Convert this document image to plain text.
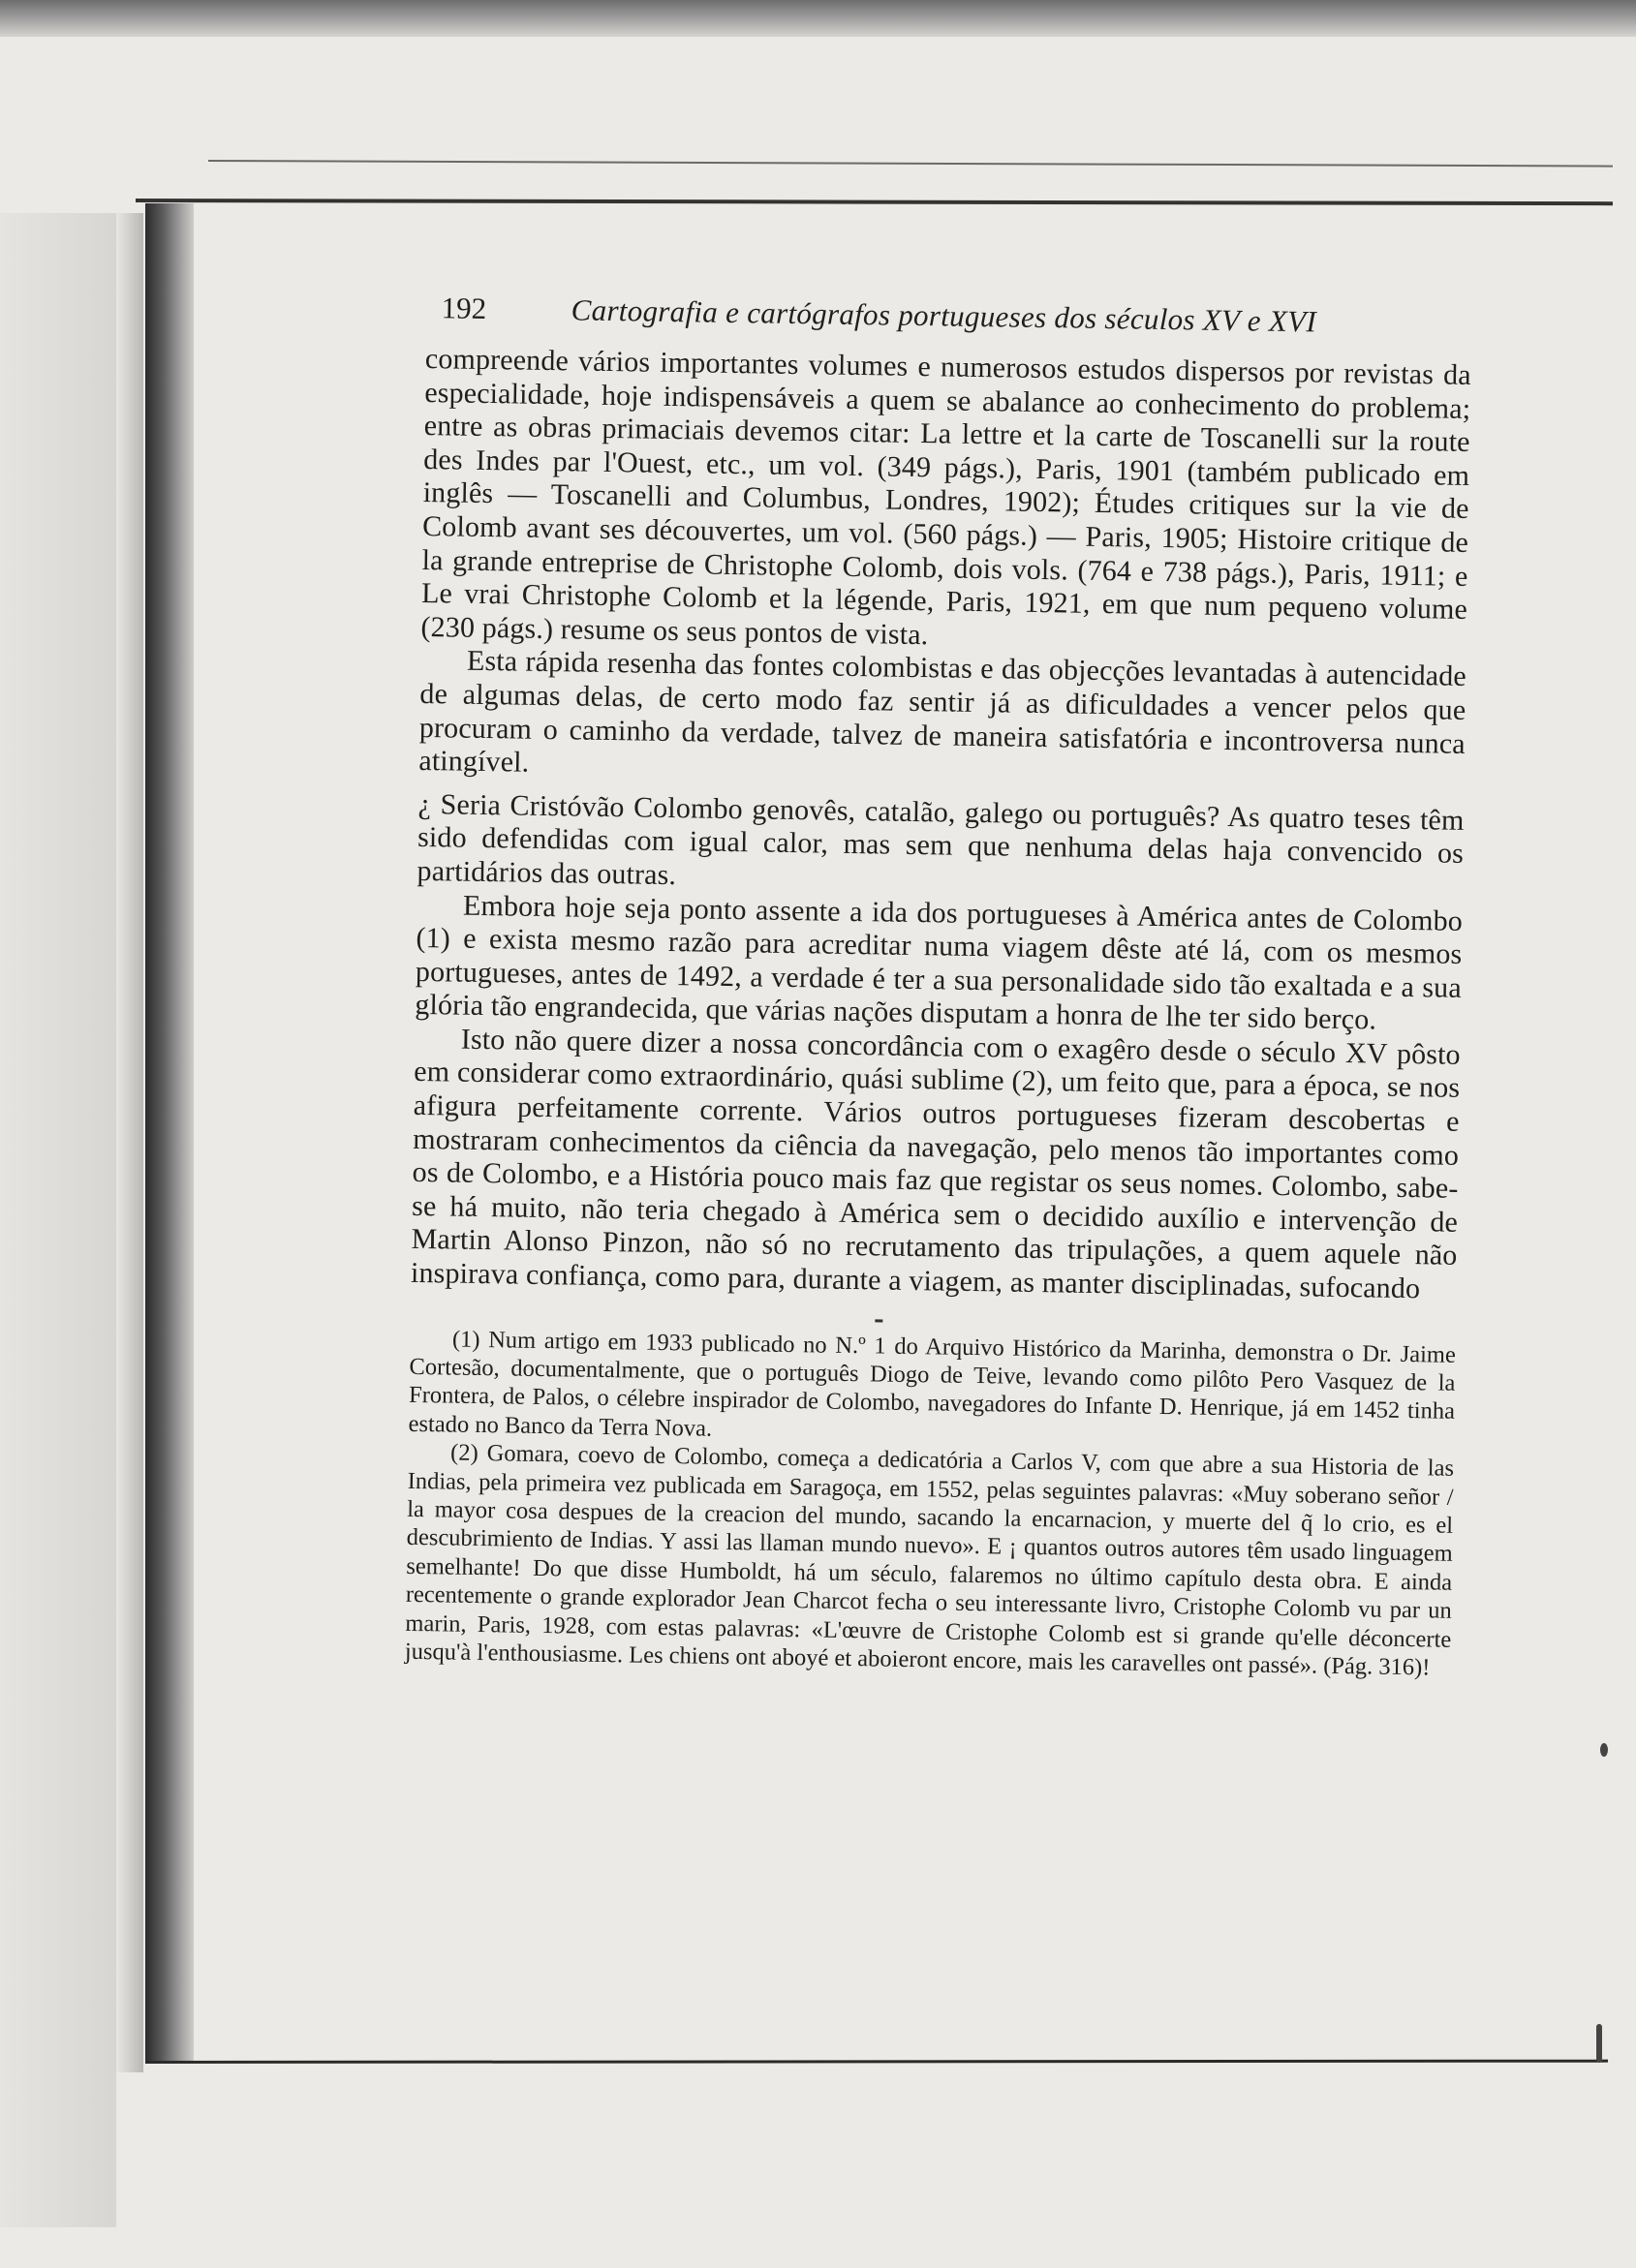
192	Cartografia e cartógrafos portugueses dos séculos XV e XVI

compreende vários importantes volumes e numerosos estudos dispersos por revistas da especialidade, hoje indispensáveis a quem se abalance ao conhecimento do problema; entre as obras primaciais devemos citar: La lettre et la carte de Toscanelli sur la route des Indes par l'Ouest, etc., um vol. (349 págs.), Paris, 1901 (também publicado em inglês — Toscanelli and Columbus, Londres, 1902); Études critiques sur la vie de Colomb avant ses découvertes, um vol. (560 págs.) — Paris, 1905; Histoire critique de la grande entreprise de Christophe Colomb, dois vols. (764 e 738 págs.), Paris, 1911; e Le vrai Christophe Colomb et la légende, Paris, 1921, em que num pequeno volume (230 págs.) resume os seus pontos de vista.

Esta rápida resenha das fontes colombistas e das objecções levantadas à autencidade de algumas delas, de certo modo faz sentir já as dificuldades a vencer pelos que procuram o caminho da verdade, talvez de maneira satisfatória e incontroversa nunca atingível.

¿ Seria Cristóvão Colombo genovês, catalão, galego ou português? As quatro teses têm sido defendidas com igual calor, mas sem que nenhuma delas haja convencido os partidários das outras.

Embora hoje seja ponto assente a ida dos portugueses à América antes de Colombo (1) e exista mesmo razão para acreditar numa viagem dêste até lá, com os mesmos portugueses, antes de 1492, a verdade é ter a sua personalidade sido tão exaltada e a sua glória tão engrandecida, que várias nações disputam a honra de lhe ter sido berço.

Isto não quere dizer a nossa concordância com o exagêro desde o século XV pôsto em considerar como extraordinário, quási sublime (2), um feito que, para a época, se nos afigura perfeitamente corrente. Vários outros portugueses fizeram descobertas e mostraram conhecimentos da ciência da navegação, pelo menos tão importantes como os de Colombo, e a História pouco mais faz que registar os seus nomes. Colombo, sabe-se há muito, não teria chegado à América sem o decidido auxílio e intervenção de Martin Alonso Pinzon, não só no recrutamento das tripulações, a quem aquele não inspirava confiança, como para, durante a viagem, as manter disciplinadas, sufocando

(1) Num artigo em 1933 publicado no N.º 1 do Arquivo Histórico da Marinha, demonstra o Dr. Jaime Cortesão, documentalmente, que o português Diogo de Teive, levando como pilôto Pero Vasquez de la Frontera, de Palos, o célebre inspirador de Colombo, navegadores do Infante D. Henrique, já em 1452 tinha estado no Banco da Terra Nova.

(2) Gomara, coevo de Colombo, começa a dedicatória a Carlos V, com que abre a sua Historia de las Indias, pela primeira vez publicada em Saragoça, em 1552, pelas seguintes palavras: «Muy soberano señor / la mayor cosa despues de la creacion del mundo, sacando la encarnacion, y muerte del q̃ lo crio, es el descubrimiento de Indias. Y assi las llaman mundo nuevo». E ¡ quantos outros autores têm usado linguagem semelhante! Do que disse Humboldt, há um século, falaremos no último capítulo desta obra. E ainda recentemente o grande explorador Jean Charcot fecha o seu interessante livro, Cristophe Colomb vu par un marin, Paris, 1928, com estas palavras: «L'œuvre de Cristophe Colomb est si grande qu'elle déconcerte jusqu'à l'enthousiasme. Les chiens ont aboyé et aboieront encore, mais les caravelles ont passé». (Pág. 316)!
